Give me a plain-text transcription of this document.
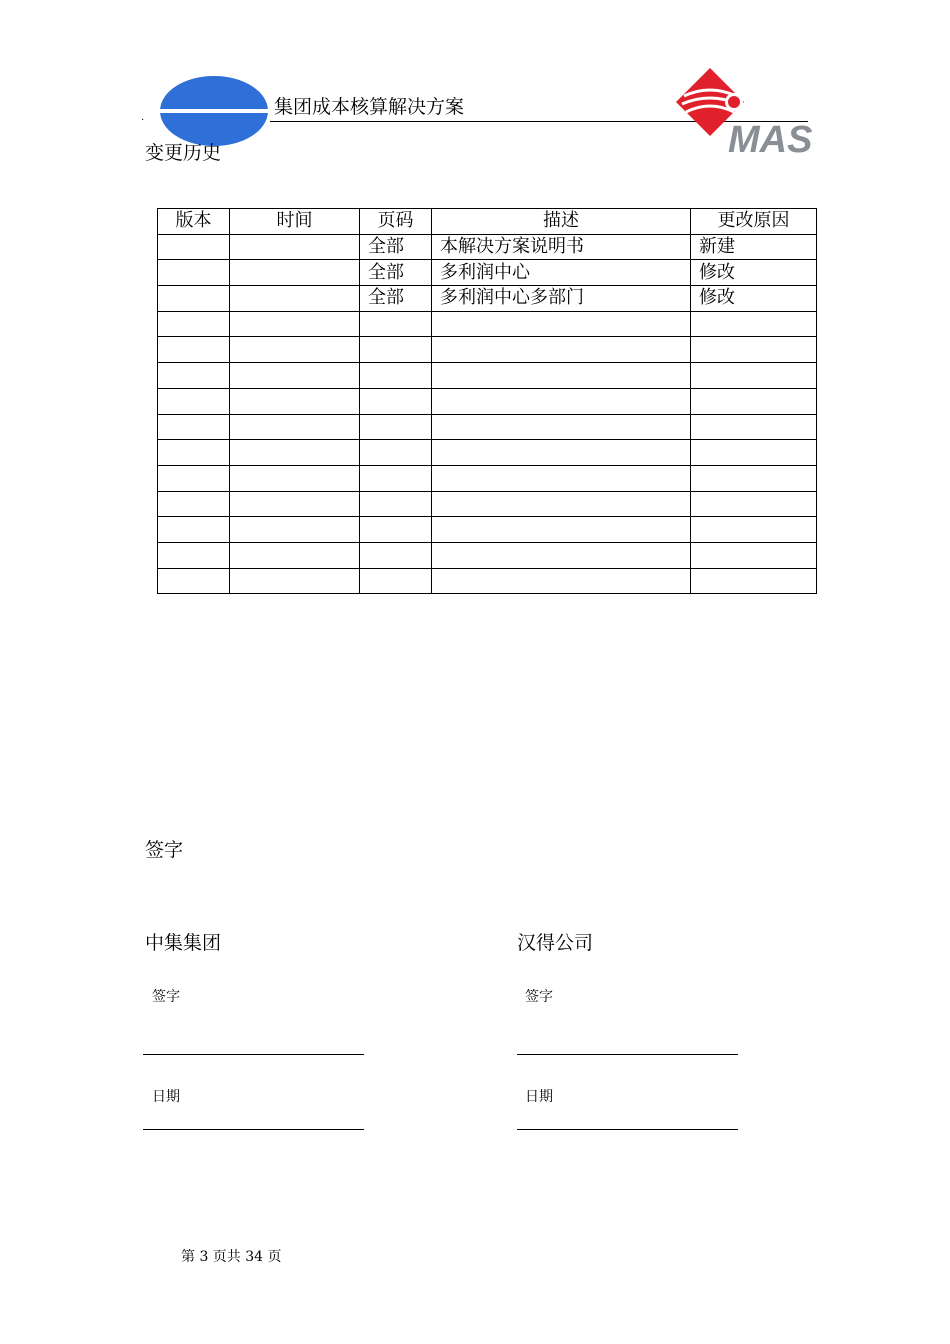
.	集团成本核算解决方案
MAS
变更历史
版本	时间	页码	描述	更改原因
		全部	本解决方案说明书	新建
		全部	多利润中心	修改
		全部	多利润中心多部门	修改

签字
中集集团
签字
日期
汉得公司
签字
日期
第 3 页共 34 页
